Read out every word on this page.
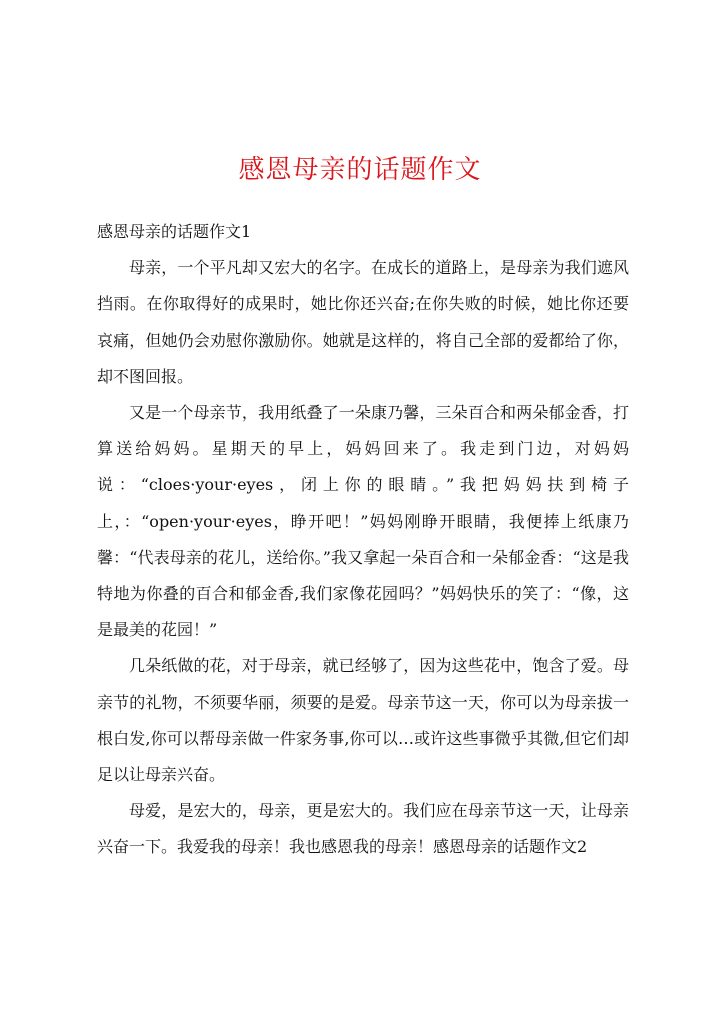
感恩母亲的话题作文

感恩母亲的话题作文1

母亲，一个平凡却又宏大的名字。在成长的道路上，是母亲为我们遮风挡雨。在你取得好的成果时，她比你还兴奋;在你失败的时候，她比你还要哀痛，但她仍会劝慰你激励你。她就是这样的，将自己全部的爱都给了你，却不图回报。

又是一个母亲节，我用纸叠了一朵康乃馨，三朵百合和两朵郁金香，打算送给妈妈。星期天的早上，妈妈回来了。我走到门边，对妈妈说：“cloes·your·eyes，闭上你的眼睛。”我把妈妈扶到椅子上，：“open·your·eyes，睁开吧！”妈妈刚睁开眼睛，我便捧上纸康乃馨：“代表母亲的花儿，送给你。”我又拿起一朵百合和一朵郁金香：“这是我特地为你叠的百合和郁金香,我们家像花园吗？”妈妈快乐的笑了：“像，这是最美的花园！”

几朵纸做的花，对于母亲，就已经够了，因为这些花中，饱含了爱。母亲节的礼物，不须要华丽，须要的是爱。母亲节这一天，你可以为母亲拔一根白发,你可以帮母亲做一件家务事,你可以…或许这些事微乎其微,但它们却足以让母亲兴奋。

母爱，是宏大的，母亲，更是宏大的。我们应在母亲节这一天，让母亲兴奋一下。我爱我的母亲！我也感恩我的母亲！感恩母亲的话题作文2
